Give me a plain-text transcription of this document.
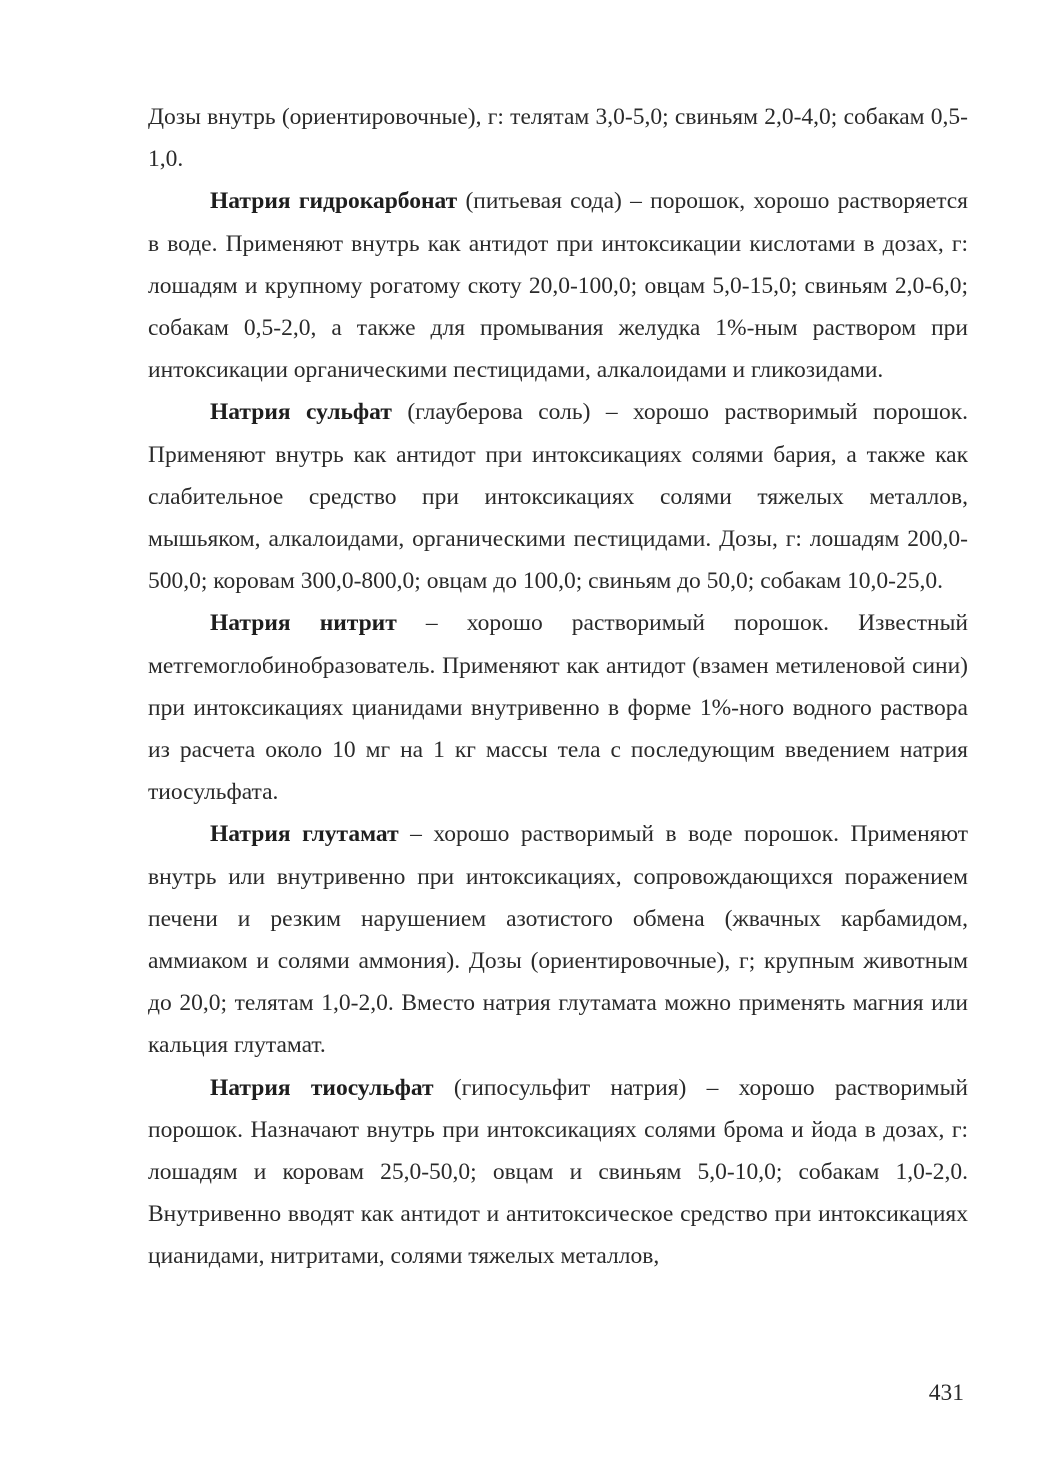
Дозы внутрь (ориентировочные), г: телятам 3,0-5,0; свиньям 2,0-4,0; собакам 0,5-1,0.

Натрия гидрокарбонат (питьевая сода) – порошок, хорошо растворяется в воде. Применяют внутрь как антидот при интоксикации кислотами в дозах, г: лошадям и крупному рогатому скоту 20,0-100,0; овцам 5,0-15,0; свиньям 2,0-6,0; собакам 0,5-2,0, а также для промывания желудка 1%-ным раствором при интоксикации органическими пестицидами, алкалоидами и гликозидами.

Натрия сульфат (глауберова соль) – хорошо растворимый порошок. Применяют внутрь как антидот при интоксикациях солями бария, а также как слабительное средство при интоксикациях солями тяжелых металлов, мышьяком, алкалоидами, органическими пестицидами. Дозы, г: лошадям 200,0-500,0; коровам 300,0-800,0; овцам до 100,0; свиньям до 50,0; собакам 10,0-25,0.

Натрия нитрит – хорошо растворимый порошок. Известный метгемоглобинобразователь. Применяют как антидот (взамен метиленовой сини) при интоксикациях цианидами внутривенно в форме 1%-ного водного раствора из расчета около 10 мг на 1 кг массы тела с последующим введением натрия тиосульфата.

Натрия глутамат – хорошо растворимый в воде порошок. Применяют внутрь или внутривенно при интоксикациях, сопровождающихся поражением печени и резким нарушением азотистого обмена (жвачных карбамидом, аммиаком и солями аммония). Дозы (ориентировочные), г; крупным животным до 20,0; телятам 1,0-2,0. Вместо натрия глутамата можно применять магния или кальция глутамат.

Натрия тиосульфат (гипосульфит натрия) – хорошо растворимый порошок. Назначают внутрь при интоксикациях солями брома и йода в дозах, г: лошадям и коровам 25,0-50,0; овцам и свиньям 5,0-10,0; собакам 1,0-2,0. Внутривенно вводят как антидот и антитоксическое средство при интоксикациях цианидами, нитритами, солями тяжелых металлов,

431
